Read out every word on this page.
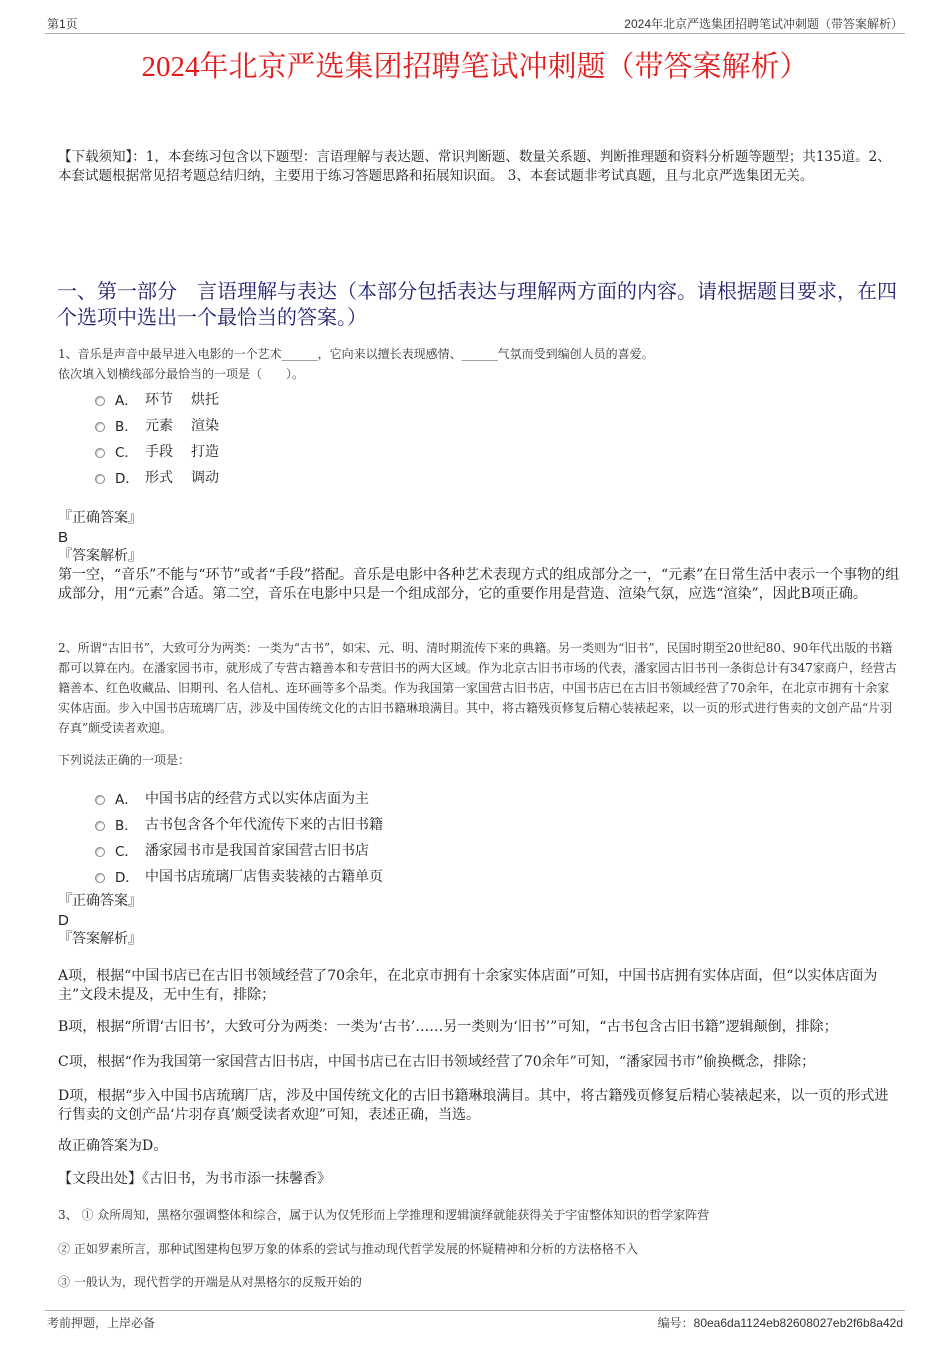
第1页	2024年北京严选集团招聘笔试冲刺题（带答案解析）
2024年北京严选集团招聘笔试冲刺题（带答案解析）
【下载须知】：1，本套练习包含以下题型：言语理解与表达题、常识判断题、数量关系题、判断推理题和资料分析题等题型；共135道。2、本套试题根据常见招考题总结归纳，主要用于练习答题思路和拓展知识面。 3、本套试题非考试真题，且与北京严选集团无关。
一、第一部分　言语理解与表达（本部分包括表达与理解两方面的内容。请根据题目要求，在四个选项中选出一个最恰当的答案。）
1、音乐是声音中最早进入电影的一个艺术______，它向来以擅长表现感情、______气氛而受到编创人员的喜爱。
依次填入划横线部分最恰当的一项是（　　）。
A． 环节 烘托
B． 元素 渲染
C． 手段 打造
D． 形式 调动
『正确答案』
B
『答案解析』
第一空，“音乐”不能与“环节”或者“手段”搭配。音乐是电影中各种艺术表现方式的组成部分之一，“元素”在日常生活中表示一个事物的组成部分，用“元素”合适。第二空，音乐在电影中只是一个组成部分，它的重要作用是营造、渲染气氛，应选“渲染”，因此B项正确。
2、所谓“古旧书”，大致可分为两类：一类为“古书”，如宋、元、明、清时期流传下来的典籍。另一类则为“旧书”，民国时期至20世纪80、90年代出版的书籍都可以算在内。在潘家园书市，就形成了专营古籍善本和专营旧书的两大区域。作为北京古旧书市场的代表，潘家园古旧书刊一条街总计有347家商户，经营古籍善本、红色收藏品、旧期刊、名人信札、连环画等多个品类。作为我国第一家国营古旧书店，中国书店已在古旧书领域经营了70余年，在北京市拥有十余家实体店面。步入中国书店琉璃厂店，涉及中国传统文化的古旧书籍琳琅满目。其中，将古籍残页修复后精心装裱起来，以一页的形式进行售卖的文创产品“片羽存真”颇受读者欢迎。
下列说法正确的一项是：
A． 中国书店的经营方式以实体店面为主
B． 古书包含各个年代流传下来的古旧书籍
C． 潘家园书市是我国首家国营古旧书店
D． 中国书店琉璃厂店售卖装裱的古籍单页
『正确答案』
D
『答案解析』
A项，根据“中国书店已在古旧书领域经营了70余年，在北京市拥有十余家实体店面”可知，中国书店拥有实体店面，但“以实体店面为主”文段未提及，无中生有，排除；
B项，根据“所谓‘古旧书’，大致可分为两类：一类为‘古书’……另一类则为‘旧书’”可知，“古书包含古旧书籍”逻辑颠倒，排除；
C项，根据“作为我国第一家国营古旧书店，中国书店已在古旧书领域经营了70余年”可知，“潘家园书市”偷换概念，排除；
D项，根据“步入中国书店琉璃厂店，涉及中国传统文化的古旧书籍琳琅满目。其中，将古籍残页修复后精心装裱起来，以一页的形式进行售卖的文创产品‘片羽存真’颇受读者欢迎”可知，表述正确，当选。
故正确答案为D。
【文段出处】《古旧书，为书市添一抹馨香》
3、 ① 众所周知，黑格尔强调整体和综合，属于认为仅凭形而上学推理和逻辑演绎就能获得关于宇宙整体知识的哲学家阵营
② 正如罗素所言，那种试图建构包罗万象的体系的尝试与推动现代哲学发展的怀疑精神和分析的方法格格不入
③ 一般认为，现代哲学的开端是从对黑格尔的反叛开始的
考前押题，上岸必备	编号：80ea6da1124eb82608027eb2f6b8a42d
